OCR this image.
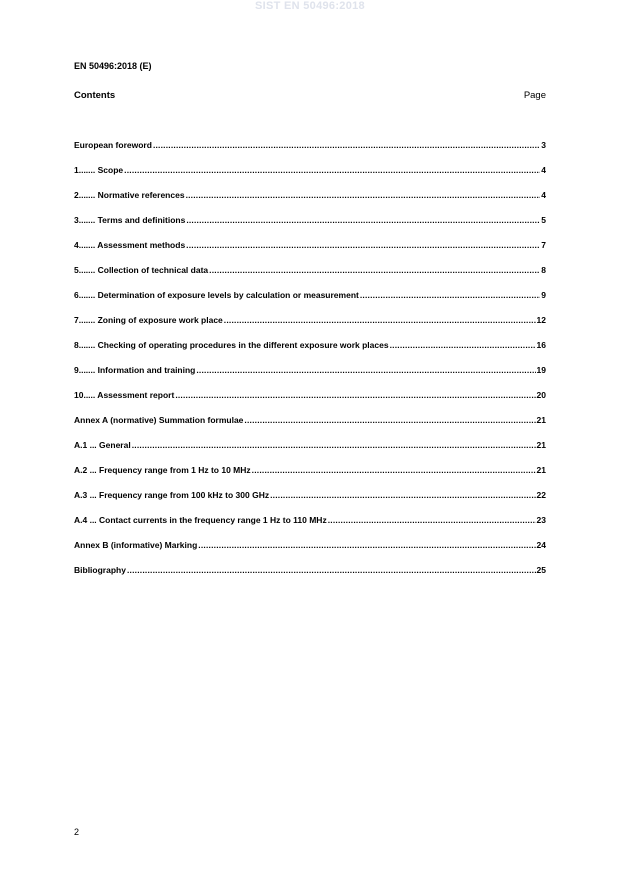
SIST EN 50496:2018
EN 50496:2018 (E)
Contents	Page
European foreword .....	3
1....... Scope .....	4
2....... Normative references .....	4
3....... Terms and definitions .....	5
4....... Assessment methods .....	7
5....... Collection of technical data .....	8
6....... Determination of exposure levels by calculation or measurement .....	9
7....... Zoning of exposure work place .....	12
8....... Checking of operating procedures in the different exposure work places .....	16
9....... Information and training .....	19
10..... Assessment report .....	20
Annex A (normative) Summation formulae .....	21
A.1 ... General .....	21
A.2 ... Frequency range from 1 Hz to 10 MHz .....	21
A.3 ... Frequency range from 100 kHz to 300 GHz .....	22
A.4 ... Contact currents in the frequency range 1 Hz to 110 MHz .....	23
Annex B (informative) Marking .....	24
Bibliography .....	25
2
